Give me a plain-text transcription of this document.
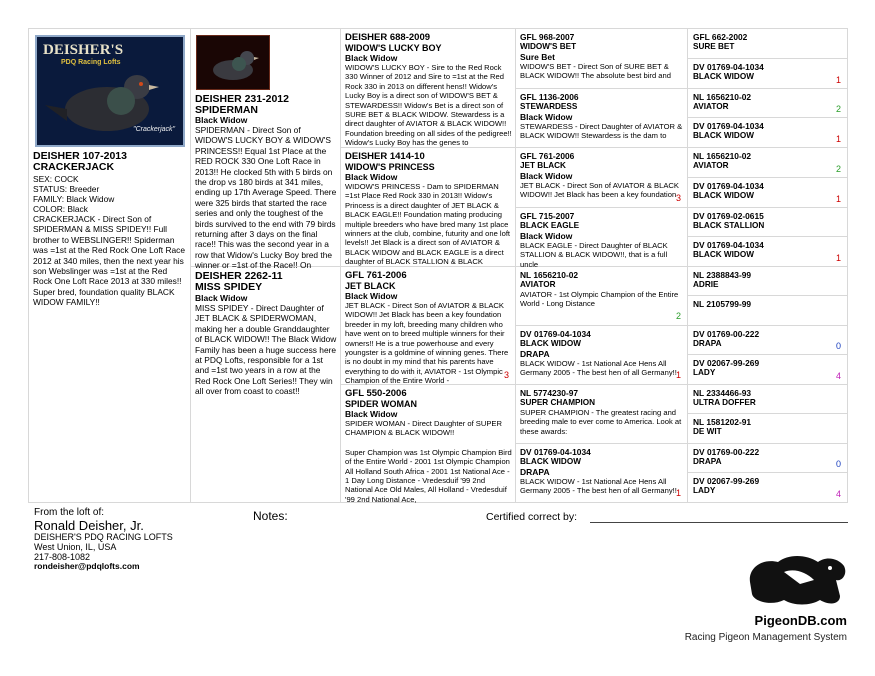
DEISHER'S
PDQ Racing Lofts
"Crackerjack"
DEISHER 107-2013
CRACKERJACK
SEX: COCK
STATUS: Breeder
FAMILY: Black Widow
COLOR: Black
CRACKERJACK - Direct Son of SPIDERMAN & MISS SPIDEY!! Full brother to WEBSLINGER!! Spiderman was =1st at the Red Rock One Loft Race 2012 at 340 miles, then the next year his son Webslinger was =1st at the Red Rock One Loft Race 2013 at 330 miles!! Super bred, foundation quality BLACK WIDOW FAMILY!!
DEISHER 231-2012
SPIDERMAN
Black Widow
SPIDERMAN - Direct Son of WIDOW'S LUCKY BOY & WIDOW'S PRINCESS!! Equal 1st Place at the RED ROCK 330 One Loft Race in 2013!! He clocked 5th with 5 birds on the drop vs 180 birds at 341 miles, ending up 17th Average Speed. There were 325 birds that started the race series and only the toughest of the birds survived to the end with 79 birds returning after 3 days on the final race!! This was the second year in a row that Widow's Lucky Boy bred the winner or =1st of the Race!! On
DEISHER 2262-11
MISS SPIDEY
Black Widow
MISS SPIDEY - Direct Daughter of JET BLACK & SPIDERWOMAN, making her a double Granddaughter of BLACK WIDOW!! The Black Widow Family has been a huge success here at PDQ Lofts, responsible for a 1st and =1st two years in a row at the Red Rock One Loft Series!! They win all over from coast to coast!!
DEISHER 688-2009
WIDOW'S LUCKY BOY
Black Widow
WIDOW'S LUCKY BOY - Sire to the Red Rock 330 Winner of 2012 and Sire to =1st at the Red Rock 330 in 2013 on different hens!! Widow's Lucky Boy is a direct son of WIDOW'S BET & STEWARDESS!! Widow's Bet is a direct son of SURE BET & BLACK WIDOW. Stewardess is a direct daughter of AVIATOR & BLACK WIDOW!! Foundation breeding on all sides of the pedigree!! Widow's Lucky Boy has the genes to
DEISHER 1414-10
WIDOW'S PRINCESS
Black Widow
WIDOW'S PRINCESS - Dam to SPIDERMAN =1st Place Red Rock 330 in 2013!! Widow's Princess is a direct daughter of JET BLACK & BLACK EAGLE!! Foundation mating producing multiple breeders who have bred many 1st place winners at the club, combine, futurity and one loft levels!! Jet Black is a direct son of AVIATOR & BLACK WIDOW and BLACK EAGLE is a direct daughter of BLACK STALLION & BLACK
GFL 761-2006
JET BLACK
Black Widow
JET BLACK - Direct Son of AVIATOR & BLACK WIDOW!! Jet Black has been a key foundation breeder in my loft, breeding many children who have went on to breed multiple winners for their owners!! He is a true powerhouse and every youngster is a goldmine of winning genes. There is no doubt in my mind that his parents have everything to do with it, AVIATOR - 1st Olympic Champion of the Entire World -
3
GFL 550-2006
SPIDER WOMAN
Black Widow
SPIDER WOMAN - Direct Daughter of SUPER CHAMPION & BLACK WIDOW!!
Super Champion was 1st Olympic Champion Bird of the Entire World - 2001 1st Olympic Champion All Holland South Africa - 2001 1st National Ace - 1 Day Long Distance - Vredesduif '99 2nd National Ace Old Males, All Holland - Vredesduif '99 2nd National Ace,
GFL 968-2007
WIDOW'S BET
Sure Bet
WIDOW'S BET - Direct Son of SURE BET & BLACK WIDOW!! The absolute best bird and
GFL 1136-2006
STEWARDESS
Black Widow
STEWARDESS - Direct Daughter of AVIATOR & BLACK WIDOW!! Stewardess is the dam to
GFL 761-2006
JET BLACK
Black Widow
JET BLACK - Direct Son of AVIATOR & BLACK WIDOW!! Jet Black has been a key foundation 3
GFL 715-2007
BLACK EAGLE
Black Widow
BLACK EAGLE - Direct Daughter of BLACK STALLION & BLACK WIDOW!!, that is a full uncle
NL 1656210-02
AVIATOR
AVIATOR - 1st Olympic Champion of the Entire World - Long Distance
2
DV 01769-04-1034
BLACK WIDOW
DRAPA
BLACK WIDOW - 1st National Ace Hens All Germany 2005 - The best hen of all Germany!! 1
NL 5774230-97
SUPER CHAMPION
SUPER CHAMPION - The greatest racing and breeding male to ever come to America. Look at these awards:
DV 01769-04-1034
BLACK WIDOW
DRAPA
BLACK WIDOW - 1st National Ace Hens All Germany 2005 - The best hen of all Germany!! 1
GFL 662-2002
SURE BET
DV 01769-04-1034
BLACK WIDOW	1
NL 1656210-02
AVIATOR	2
DV 01769-04-1034
BLACK WIDOW	1
NL 1656210-02
AVIATOR	2
DV 01769-04-1034
BLACK WIDOW	1
DV 01769-02-0615
BLACK STALLION
DV 01769-04-1034
BLACK WIDOW	1
NL 2388843-99
ADRIE
NL 2105799-99
DV 01769-00-222
DRAPA	0
DV 02067-99-269
LADY	4
NL 2334466-93
ULTRA DOFFER
NL 1581202-91
DE WIT
DV 01769-00-222
DRAPA	0
DV 02067-99-269
LADY	4
From the loft of:
Ronald Deisher, Jr.
DEISHER'S PDQ RACING LOFTS
West Union, IL, USA
217-808-1082
rondeisher@pdqlofts.com
Notes:	Certified correct by:
PigeonDB.com
Racing Pigeon Management System
